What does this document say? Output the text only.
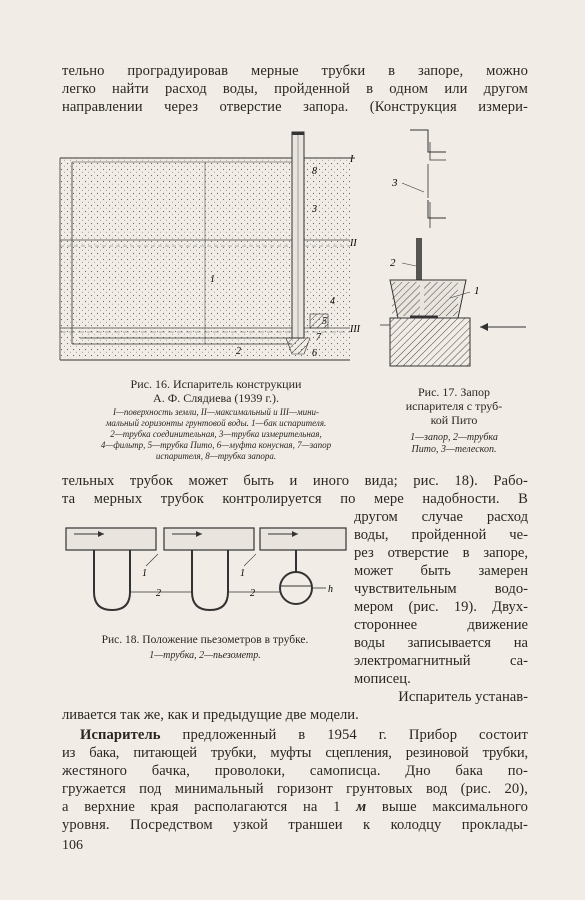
тельно проградуировав мерные трубки в запоре, можно
легко найти расход воды, пройденной в одном или другом
направлении через отверстие запора. (Конструкция измери-
I
II
III
1
2
3
4
5
6
7
8
3
2
1
Рис. 16. Испаритель конструкции
А. Ф. Слядиева (1939 г.).
I—поверхность земли, II—максимальный и III—мини-
мальный горизонты грунтовой воды. 1—бак испарителя.
2—трубка соединительная, 3—трубка измерительная,
4—фильтр, 5—трубка Пито, 6—муфта конусная, 7—запор
испарителя, 8—трубка запора.
Рис. 17. Запор
испарителя с труб-
кой Пито
1—запор, 2—трубка
Пито, 3—телескоп.
тельных трубок может быть и иного вида; рис. 18). Рабо-
та мерных трубок контролируется по мере надобности. В
1
2
1
2	h
Рис. 18. Положение пьезометров в трубке.
1—трубка, 2—пьезометр.
другом случае расход
воды, пройденной че-
рез отверстие в запоре,
может быть замерен
чувствительным водо-
мером (рис. 19). Двух-
стороннее движение
воды записывается на
электромагнитный са-
мописец.
Испаритель устанав-
ливается так же, как и предыдущие две модели.
Испаритель предложенный в 1954 г. Прибор состоит
из бака, питающей трубки, муфты сцепления, резиновой трубки,
жестяного бачка, проволоки, самописца. Дно бака по-
гружается под минимальный горизонт грунтовых вод (рис. 20),
а верхние края располагаются на 1 м выше максимального
уровня. Посредством узкой траншеи к колодцу проклады-
106
